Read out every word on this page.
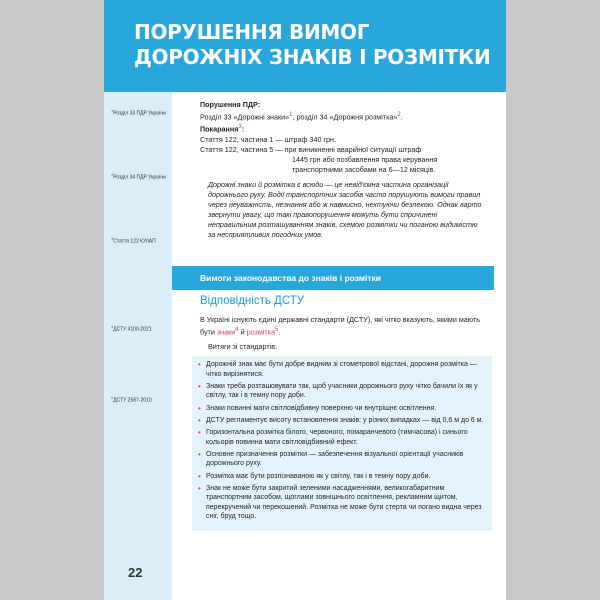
ПОРУШЕННЯ ВИМОГ ДОРОЖНІХ ЗНАКІВ І РОЗМІТКИ
$^1$Розділ 33 ПДР України
$^2$Розділ 34 ПДР України
$^3$Стаття 122 КУпАП
$^4$ДСТУ 4100-2021
$^5$ДСТУ 2587-2010
22
Вимоги законодавства до знаків і розмітки
Порушення ПДР:
Розділ 33 «Дорожні знаки»$^1$, розділ 34 «Дорожня розмітка»$^2$.
Покарання$^3$:
Стаття 122, частина 1 — штраф 340 грн.
Стаття 122, частина 5 — при виникненні аварійної ситуації штраф
1445 грн або позбавлення права керування
транспортними засобами на 6—12 місяців.
Дорожні знаки й розмітка є всюди — це невід'ємна частина організації дорожнього руху. Водії транспортних засобів часто порушують вимоги правил через неуважність, незнання або ж навмисно, нехтуючи безпекою. Однак варто звернути увагу, що такі правопорушення можуть бути спричинені неправильним розташуванням знаків, схемою розмітки чи поганою видимістю за несприятливих погодних умов.
Відповідність ДСТУ
В Україні існують єдині державні стандарти (ДСТУ), які чітко вказують, якими мають бути знаки$^4$ й розмітка$^5$.
Витяги зі стандартів:
• Дорожній знак має бути добре видним зі стометрової відстані, дорожня розмітка — чітко вирізнятися.
• Знаки треба розташовувати так, щоб учасники дорожнього руху чітко бачили їх як у світлу, так і в темну пору доби.
• Знаки повинні мати світловідбивну поверхню чи внутрішнє освітлення.
• ДСТУ регламентує висоту встановлення знаків: у різних випадках — від 0,6 м до 6 м.
• Горизонтальна розмітка білого, червоного, помаранчевого (тимчасова) і синього кольорів повинна мати світловідбивний ефект.
• Основне призначення розмітки — забезпечення візуальної орієнтації учасників дорожнього руху.
• Розмітка має бути розпізнаваною як у світлу, так і в темну пору доби.
• Знак не може бути закритий зеленими насадженнями, великогабаритним транспортним засобом, щоглами зовнішнього освітлення, рекламним щитом, перекручений чи перекошений. Розмітка не може бути стерта чи погано видна через сніг, бруд тощо.
